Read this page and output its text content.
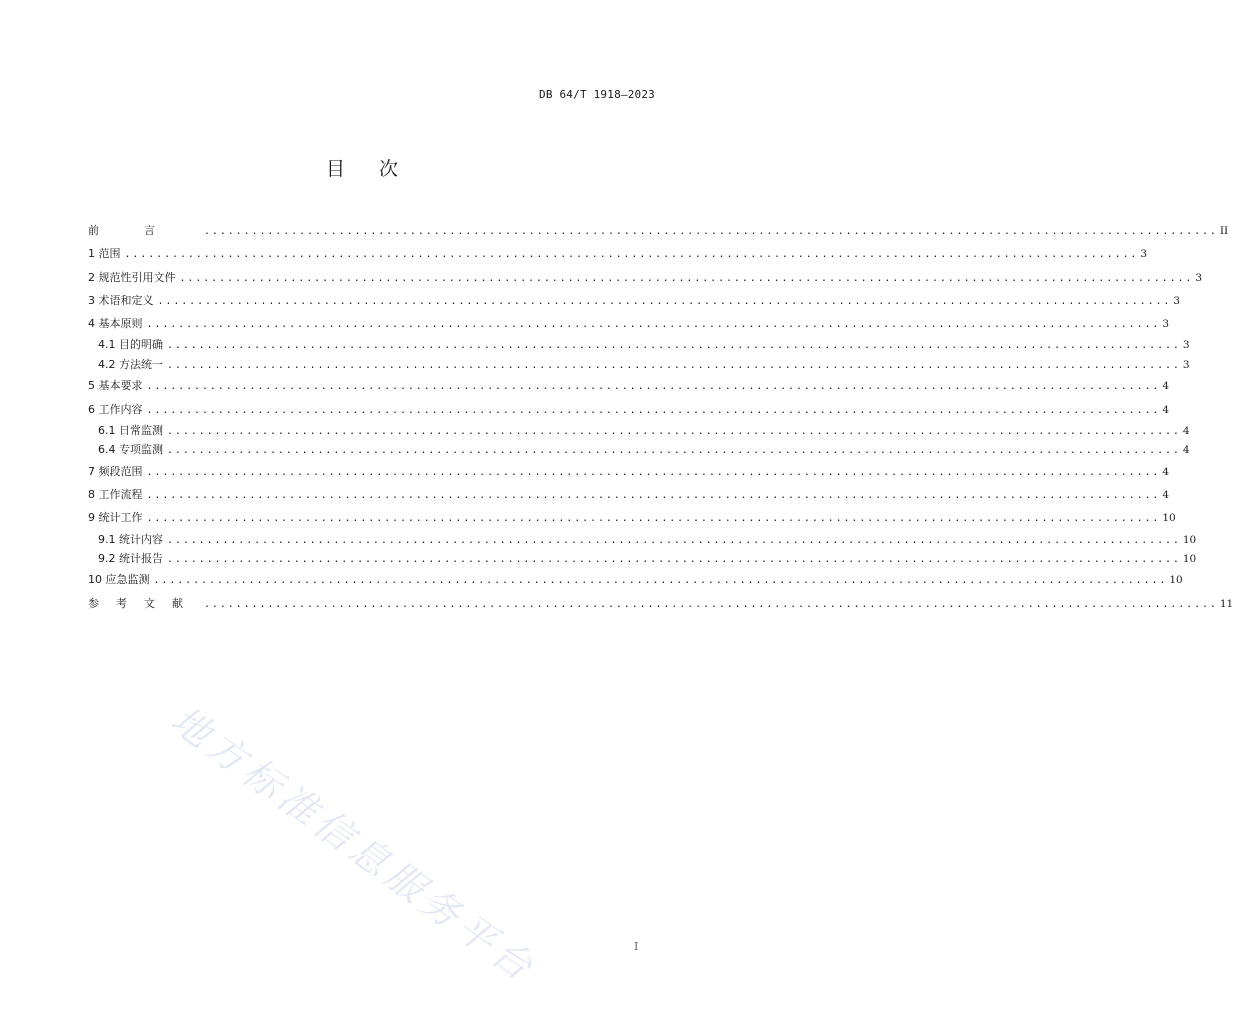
DB 64/T 1918—2023
目 次
前言 ................................................................................................................................ II
1 范围 ................................................................................................................................ 3
2 规范性引用文件 ................................................................................................................................ 3
3 术语和定义 ................................................................................................................................ 3
4 基本原则 ................................................................................................................................ 3
4.1 目的明确 ................................................................................................................................ 3
4.2 方法统一 ................................................................................................................................ 3
5 基本要求 ................................................................................................................................ 4
6 工作内容 ................................................................................................................................ 4
6.1 日常监测 ................................................................................................................................ 4
6.4 专项监测 ................................................................................................................................ 4
7 频段范围 ................................................................................................................................ 4
8 工作流程 ................................................................................................................................ 4
9 统计工作 ................................................................................................................................ 10
9.1 统计内容 ................................................................................................................................ 10
9.2 统计报告 ................................................................................................................................ 10
10 应急监测 ................................................................................................................................ 10
参考文献 ................................................................................................................................ 11
地方标准信息服务平台	I
